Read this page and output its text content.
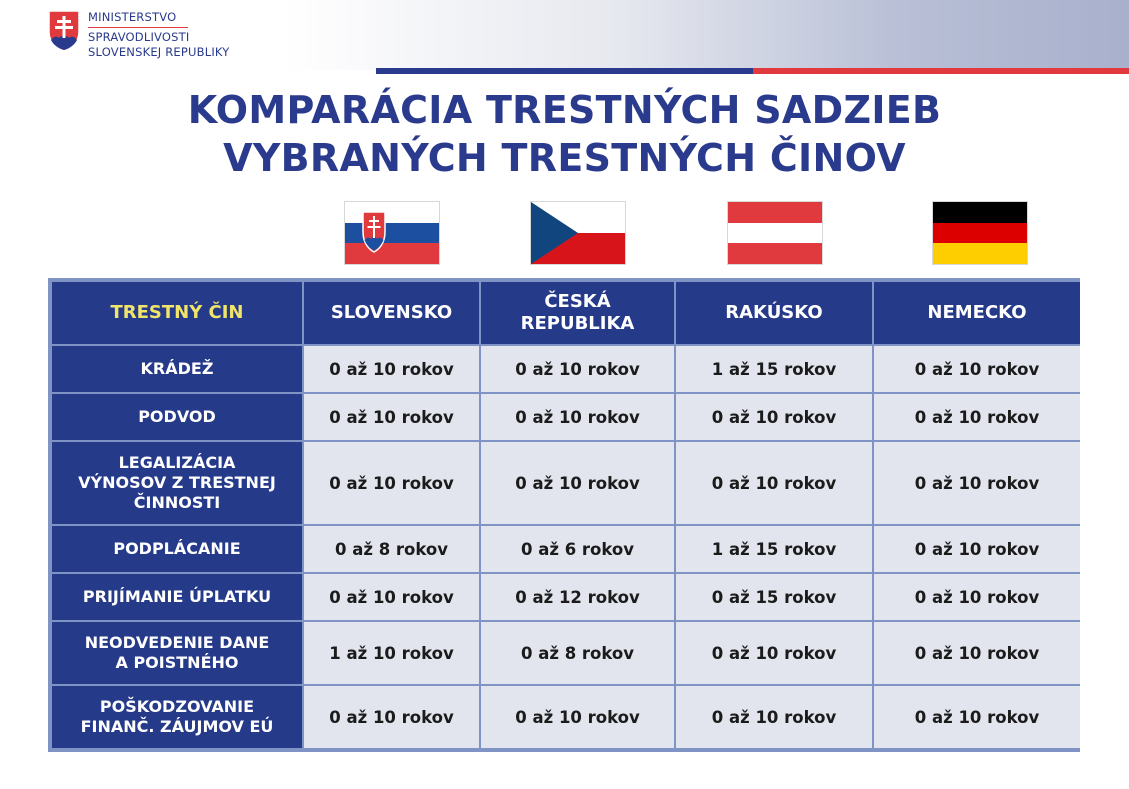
MINISTERSTVO
SPRAVODLIVOSTI
SLOVENSKEJ REPUBLIKY
KOMPARÁCIA TRESTNÝCH SADZIEB
VYBRANÝCH TRESTNÝCH ČINOV
TRESTNÝ ČIN	SLOVENSKO	ČESKÁ
REPUBLIKA	RAKÚSKO	NEMECKO

KRÁDEŽ	0 až 10 rokov	0 až 10 rokov	1 až 15 rokov	0 až 10 rokov

PODVOD	0 až 10 rokov	0 až 10 rokov	0 až 10 rokov	0 až 10 rokov

LEGALIZÁCIA
VÝNOSOV Z TRESTNEJ
ČINNOSTI	0 až 10 rokov	0 až 10 rokov	0 až 10 rokov	0 až 10 rokov

PODPLÁCANIE	0 až 8 rokov	0 až 6 rokov	1 až 15 rokov	0 až 10 rokov

PRIJÍMANIE ÚPLATKU	0 až 10 rokov	0 až 12 rokov	0 až 15 rokov	0 až 10 rokov

NEODVEDENIE DANE
A POISTNÉHO	1 až 10 rokov	0 až 8 rokov	0 až 10 rokov	0 až 10 rokov

POŠKODZOVANIE
FINANČ. ZÁUJMOV EÚ	0 až 10 rokov	0 až 10 rokov	0 až 10 rokov	0 až 10 rokov
